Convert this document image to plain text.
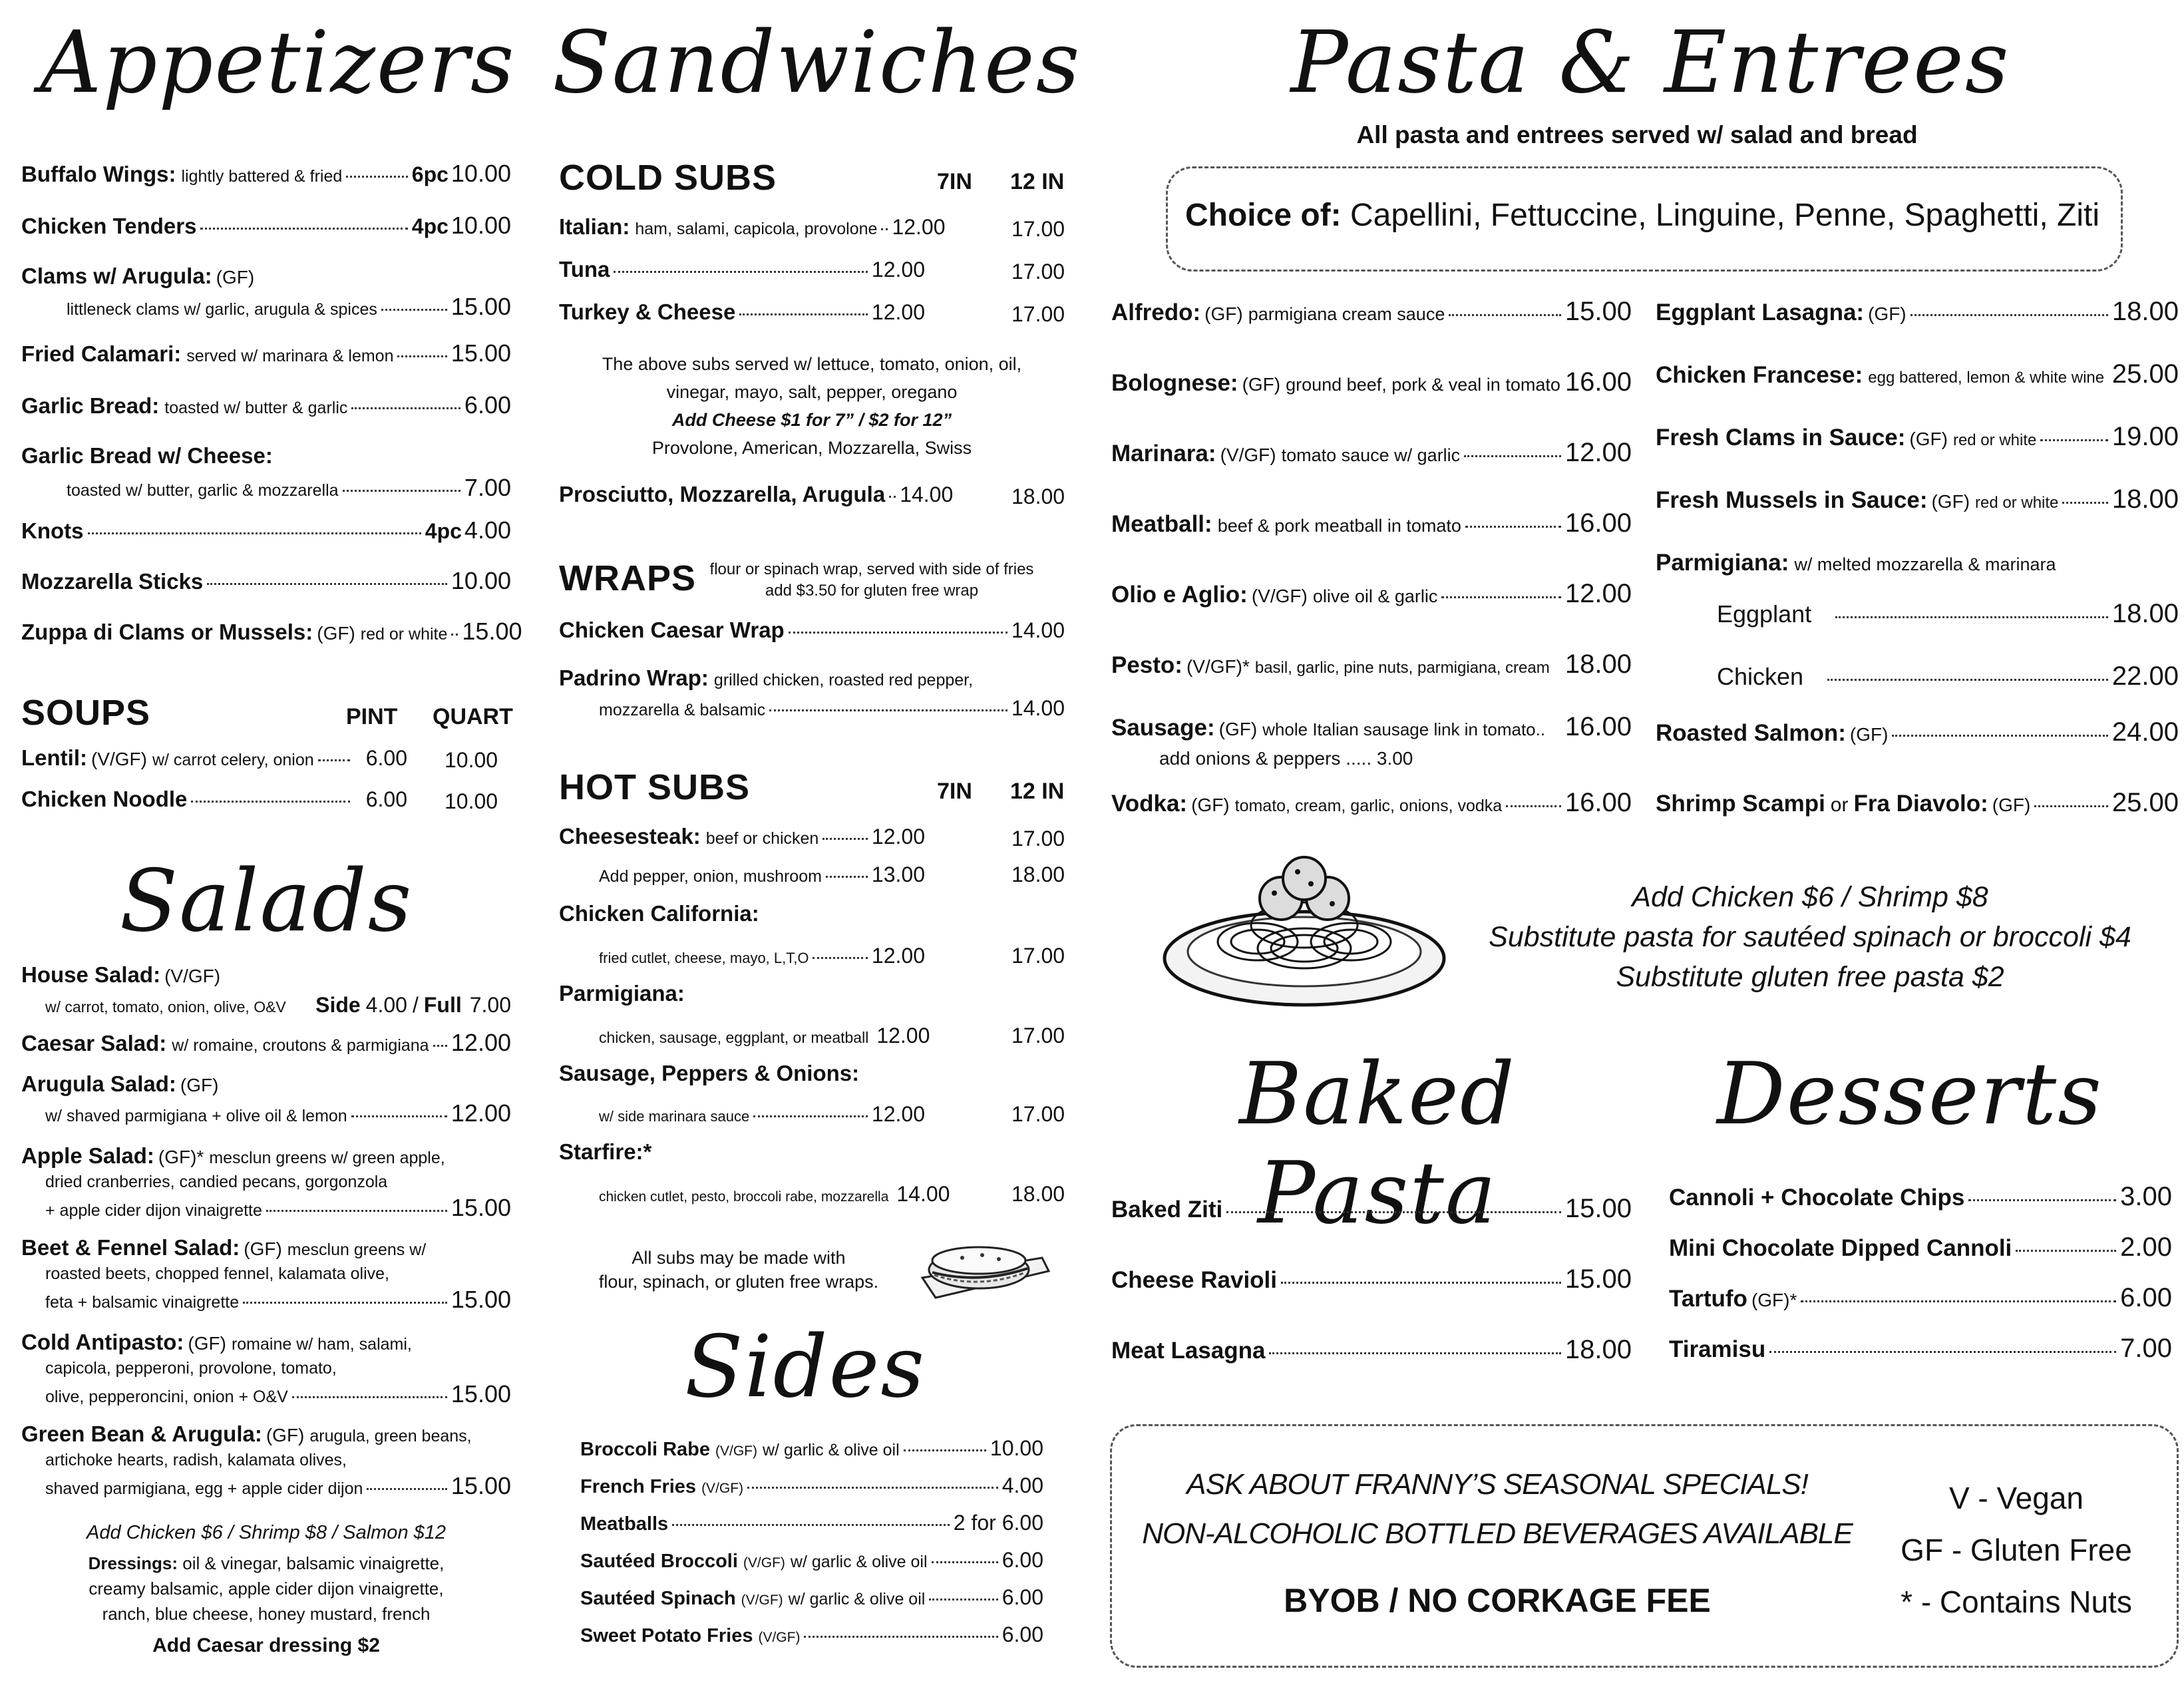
Appetizers
Buffalo Wings: lightly battered & fried	6pc 10.00
Chicken Tenders	4pc 10.00
Clams w/ Arugula: (GF)
littleneck clams w/ garlic, arugula & spices	15.00
Fried Calamari: served w/ marinara & lemon 15.00
Garlic Bread: toasted w/ butter & garlic	6.00
Garlic Bread w/ Cheese:
toasted w/ butter, garlic & mozzarella	7.00
Knots	4pc 4.00
Mozzarella Sticks	10.00
Zuppa di Clams or Mussels: (GF) red or white 15.00
SOUPS	PINT QUART
Lentil: (V/GF) w/ carrot celery, onion	6.00 10.00
Chicken Noodle	6.00 10.00
Salads
House Salad: (V/GF)
w/ carrot, tomato, onion, olive, O&V Side 4.00 / Full 7.00
Caesar Salad: w/ romaine, croutons & parmigiana 12.00
Arugula Salad: (GF)
w/ shaved parmigiana + olive oil & lemon	12.00
Apple Salad: (GF)* mesclun greens w/ green apple,
dried cranberries, candied pecans, gorgonzola
+ apple cider dijon vinaigrette	15.00
Beet & Fennel Salad: (GF) mesclun greens w/
roasted beets, chopped fennel, kalamata olive,
feta + balsamic vinaigrette	15.00
Cold Antipasto: (GF) romaine w/ ham, salami,
capicola, pepperoni, provolone, tomato,
olive, pepperoncini, onion + O&V	15.00
Green Bean & Arugula: (GF) arugula, green beans,
artichoke hearts, radish, kalamata olives,
shaved parmigiana, egg + apple cider dijon	15.00
Add Chicken $6 / Shrimp $8 / Salmon $12
Dressings: oil & vinegar, balsamic vinaigrette,
creamy balsamic, apple cider dijon vinaigrette,
ranch, blue cheese, honey mustard, french
Add Caesar dressing $2
Sandwiches
COLD SUBS	7IN 12 IN
Italian: ham, salami, capicola, provolone 12.00	17.00
Tuna	12.00	17.00
Turkey & Cheese	12.00	17.00
The above subs served w/ lettuce, tomato, onion, oil,
vinegar, mayo, salt, pepper, oregano
Add Cheese $1 for 7” / $2 for 12”
Provolone, American, Mozzarella, Swiss
Prosciutto, Mozzarella, Arugula 14.00	18.00
WRAPS flour or spinach wrap, served with side of fries
add $3.50 for gluten free wrap
Chicken Caesar Wrap	14.00
Padrino Wrap: grilled chicken, roasted red pepper,
mozzarella & balsamic	14.00
HOT SUBS	7IN 12 IN
Cheesesteak: beef or chicken 12.00	17.00
Add pepper, onion, mushroom 13.00	18.00
Chicken California:
fried cutlet, cheese, mayo, L,T,O	12.00	17.00
Parmigiana:
chicken, sausage, eggplant, or meatball 12.00	17.00
Sausage, Peppers & Onions:
w/ side marinara sauce	12.00	17.00
Starfire:*
chicken cutlet, pesto, broccoli rabe, mozzarella 14.00	18.00
All subs may be made with
flour, spinach, or gluten free wraps.
Sides
Broccoli Rabe (V/GF) w/ garlic & olive oil	10.00
French Fries (V/GF)	4.00
Meatballs	2 for 6.00
Sautéed Broccoli (V/GF) w/ garlic & olive oil	6.00
Sautéed Spinach (V/GF) w/ garlic & olive oil	6.00
Sweet Potato Fries (V/GF)	6.00
Pasta & Entrees
All pasta and entrees served w/ salad and bread
Choice of: Capellini, Fettuccine, Linguine, Penne, Spaghetti, Ziti
Alfredo: (GF) parmigiana cream sauce	15.00
Bolognese: (GF) ground beef, pork & veal in tomato 16.00
Marinara: (V/GF) tomato sauce w/ garlic	12.00
Meatball: beef & pork meatball in tomato	16.00
Olio e Aglio: (V/GF) olive oil & garlic	12.00
Pesto: (V/GF)* basil, garlic, pine nuts, parmigiana, cream 18.00
Sausage: (GF) whole Italian sausage link in tomato.. 16.00
add onions & peppers ..... 3.00
Vodka: (GF) tomato, cream, garlic, onions, vodka 16.00
Eggplant Lasagna: (GF)	18.00
Chicken Francese: egg battered, lemon & white wine 25.00
Fresh Clams in Sauce: (GF) red or white	19.00
Fresh Mussels in Sauce: (GF) red or white 18.00
Parmigiana: w/ melted mozzarella & marinara
Eggplant	18.00
Chicken	22.00
Roasted Salmon: (GF)	24.00
Shrimp Scampi or Fra Diavolo: (GF)	25.00
Add Chicken $6 / Shrimp $8
Substitute pasta for sautéed spinach or broccoli $4
Substitute gluten free pasta $2
Baked Pasta
Baked Ziti	15.00
Cheese Ravioli	15.00
Meat Lasagna	18.00
Desserts
Cannoli + Chocolate Chips	3.00
Mini Chocolate Dipped Cannoli	2.00
Tartufo (GF)*	6.00
Tiramisu	7.00
ASK ABOUT FRANNY’S SEASONAL SPECIALS!
NON-ALCOHOLIC BOTTLED BEVERAGES AVAILABLE
BYOB / NO CORKAGE FEE
V - Vegan
GF - Gluten Free
* - Contains Nuts
